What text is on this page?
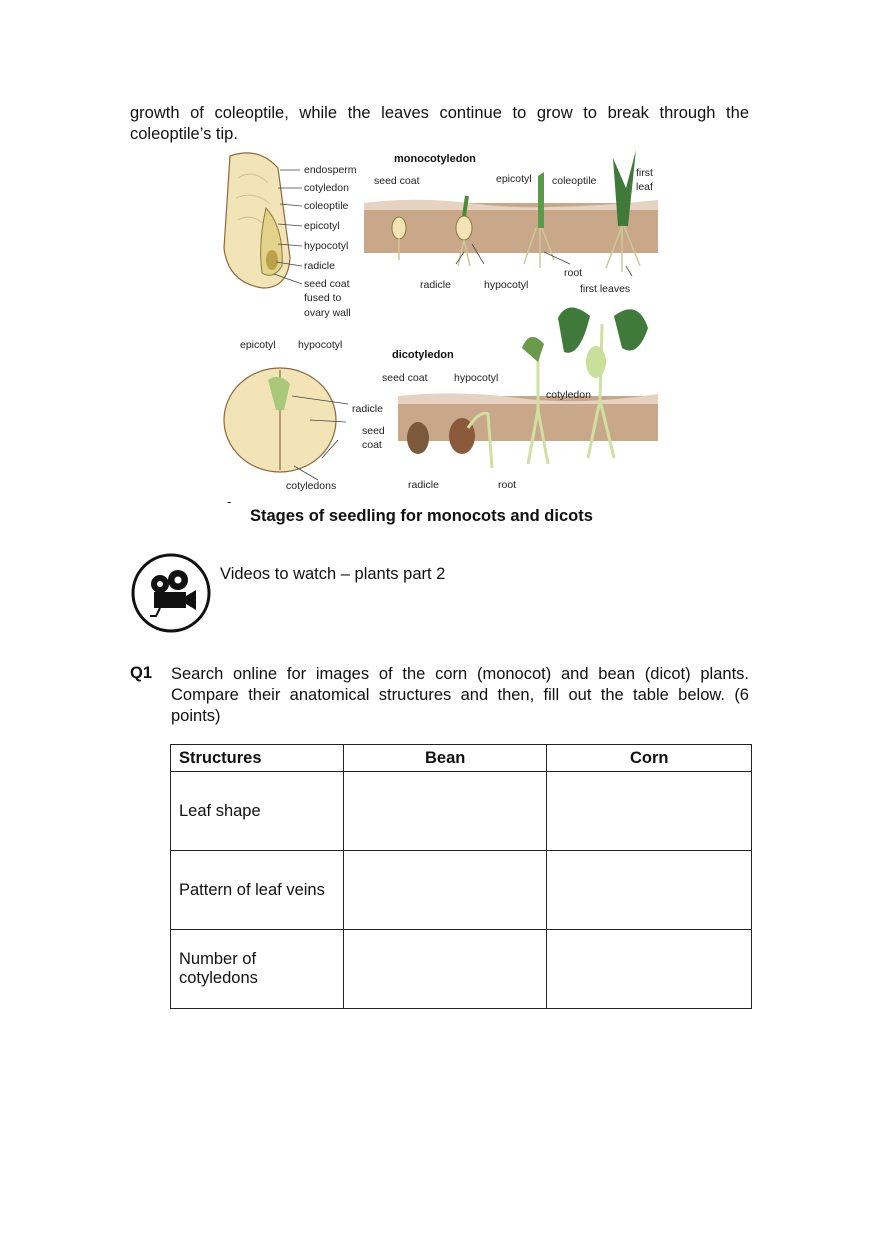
growth of coleoptile, while the leaves continue to grow to break through the coleoptile’s tip.

monocotyledon
endosperm
cotyledon
coleoptile
epicotyl
hypocotyl
radicle
seed coat
fused to
ovary wall
seed coat	epicotyl coleoptile
first
leaf
radicle	hypocotyl
root
first leaves
epicotyl hypocotyl
radicle
seed
coat
cotyledons
dicotyledon
seed coat	hypocotyl
cotyledon
radicle	root
-
Stages of seedling for monocots and dicots
Videos to watch – plants part 2
Q1 Search online for images of the corn (monocot) and bean (dicot) plants. Compare their anatomical structures and then, fill out the table below. (6 points)

Structures	Bean	Corn
Leaf shape		
Pattern of leaf veins		
Number of cotyledons		
